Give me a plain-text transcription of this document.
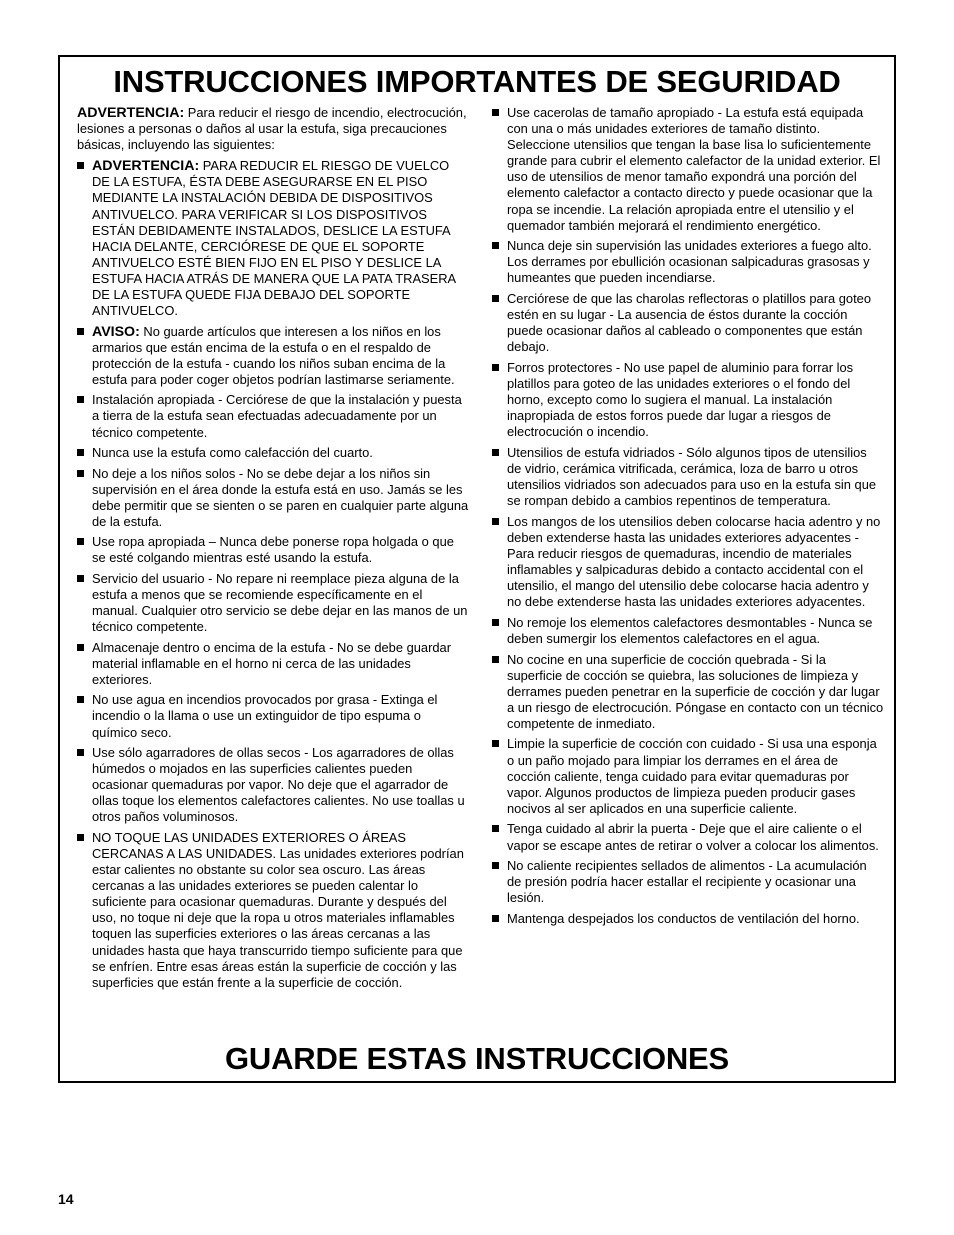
INSTRUCCIONES IMPORTANTES DE SEGURIDAD

ADVERTENCIA: Para reducir el riesgo de incendio, electrocución, lesiones a personas o daños al usar la estufa, siga precauciones básicas, incluyendo las siguientes:

ADVERTENCIA: PARA REDUCIR EL RIESGO DE VUELCO DE LA ESTUFA, ÉSTA DEBE ASEGURARSE EN EL PISO MEDIANTE LA INSTALACIÓN DEBIDA DE DISPOSITIVOS ANTIVUELCO. PARA VERIFICAR SI LOS DISPOSITIVOS ESTÁN DEBIDAMENTE INSTALADOS, DESLICE LA ESTUFA HACIA DELANTE, CERCIÓRESE DE QUE EL SOPORTE ANTIVUELCO ESTÉ BIEN FIJO EN EL PISO Y DESLICE LA ESTUFA HACIA ATRÁS DE MANERA QUE LA PATA TRASERA DE LA ESTUFA QUEDE FIJA DEBAJO DEL SOPORTE ANTIVUELCO.
AVISO: No guarde artículos que interesen a los niños en los armarios que están encima de la estufa o en el respaldo de protección de la estufa - cuando los niños suban encima de la estufa para poder coger objetos podrían lastimarse seriamente.
Instalación apropiada - Cerciórese de que la instalación y puesta a tierra de la estufa sean efectuadas adecuadamente por un técnico competente.
Nunca use la estufa como calefacción del cuarto.
No deje a los niños solos - No se debe dejar a los niños sin supervisión en el área donde la estufa está en uso. Jamás se les debe permitir que se sienten o se paren en cualquier parte alguna de la estufa.
Use ropa apropiada – Nunca debe ponerse ropa holgada o que se esté colgando mientras esté usando la estufa.
Servicio del usuario - No repare ni reemplace pieza alguna de la estufa a menos que se recomiende específicamente en el manual. Cualquier otro servicio se debe dejar en las manos de un técnico competente.
Almacenaje dentro o encima de la estufa - No se debe guardar material inflamable en el horno ni cerca de las unidades exteriores.
No use agua en incendios provocados por grasa - Extinga el incendio o la llama o use un extinguidor de tipo espuma o químico seco.
Use sólo agarradores de ollas secos - Los agarradores de ollas húmedos o mojados en las superficies calientes pueden ocasionar quemaduras por vapor. No deje que el agarrador de ollas toque los elementos calefactores calientes. No use toallas u otros paños voluminosos.
NO TOQUE LAS UNIDADES EXTERIORES O ÁREAS CERCANAS A LAS UNIDADES. Las unidades exteriores podrían estar calientes no obstante su color sea oscuro. Las áreas cercanas a las unidades exteriores se pueden calentar lo suficiente para ocasionar quemaduras. Durante y después del uso, no toque ni deje que la ropa u otros materiales inflamables toquen las superficies exteriores o las áreas cercanas a las unidades hasta que haya transcurrido tiempo suficiente para que se enfríen. Entre esas áreas están la superficie de cocción y las superficies que están frente a la superficie de cocción.
Use cacerolas de tamaño apropiado - La estufa está equipada con una o más unidades exteriores de tamaño distinto. Seleccione utensilios que tengan la base lisa lo suficientemente grande para cubrir el elemento calefactor de la unidad exterior. El uso de utensilios de menor tamaño expondrá una porción del elemento calefactor a contacto directo y puede ocasionar que la ropa se incendie. La relación apropiada entre el utensilio y el quemador también mejorará el rendimiento energético.
Nunca deje sin supervisión las unidades exteriores a fuego alto. Los derrames por ebullición ocasionan salpicaduras grasosas y humeantes que pueden incendiarse.
Cerciórese de que las charolas reflectoras o platillos para goteo estén en su lugar - La ausencia de éstos durante la cocción puede ocasionar daños al cableado o componentes que están debajo.
Forros protectores - No use papel de aluminio para forrar los platillos para goteo de las unidades exteriores o el fondo del horno, excepto como lo sugiera el manual. La instalación inapropiada de estos forros puede dar lugar a riesgos de electrocución o incendio.
Utensilios de estufa vidriados - Sólo algunos tipos de utensilios de vidrio, cerámica vitrificada, cerámica, loza de barro u otros utensilios vidriados son adecuados para uso en la estufa sin que se rompan debido a cambios repentinos de temperatura.
Los mangos de los utensilios deben colocarse hacia adentro y no deben extenderse hasta las unidades exteriores adyacentes - Para reducir riesgos de quemaduras, incendio de materiales inflamables y salpicaduras debido a contacto accidental con el utensilio, el mango del utensilio debe colocarse hacia adentro y no debe extenderse hasta las unidades exteriores adyacentes.
No remoje los elementos calefactores desmontables - Nunca se deben sumergir los elementos calefactores en el agua.
No cocine en una superficie de cocción quebrada - Si la superficie de cocción se quiebra, las soluciones de limpieza y derrames pueden penetrar en la superficie de cocción y dar lugar a un riesgo de electrocución. Póngase en contacto con un técnico competente de inmediato.
Limpie la superficie de cocción con cuidado - Si usa una esponja o un paño mojado para limpiar los derrames en el área de cocción caliente, tenga cuidado para evitar quemaduras por vapor. Algunos productos de limpieza pueden producir gases nocivos al ser aplicados en una superficie caliente.
Tenga cuidado al abrir la puerta - Deje que el aire caliente o el vapor se escape antes de retirar o volver a colocar los alimentos.
No caliente recipientes sellados de alimentos - La acumulación de presión podría hacer estallar el recipiente y ocasionar una lesión.
Mantenga despejados los conductos de ventilación del horno.
GUARDE ESTAS INSTRUCCIONES
14
